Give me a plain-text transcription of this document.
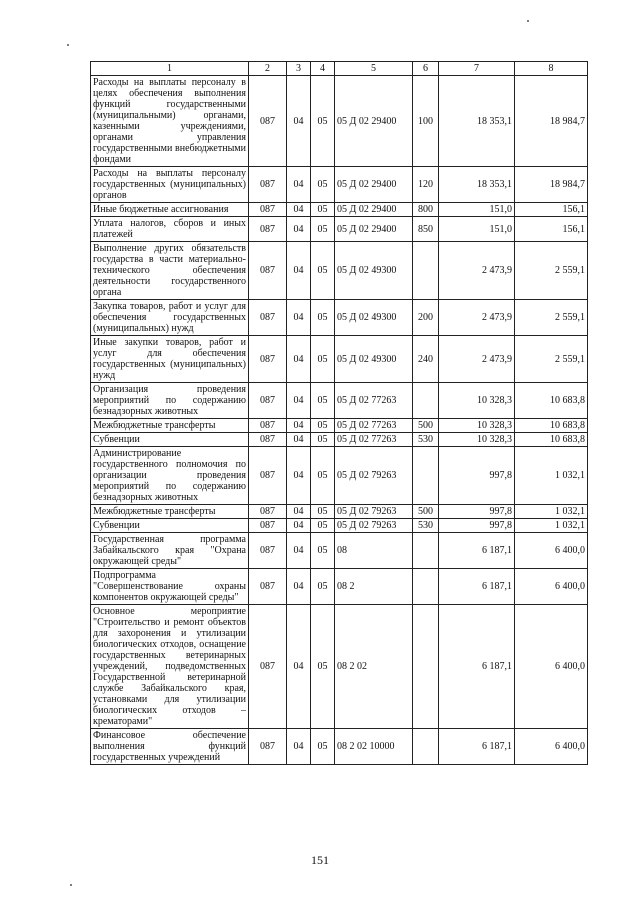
1	2	3	4	5	6	7	8
Расходы на выплаты персоналу в целях обеспечения выполнения функций государственными (муниципальными) органами, казенными учреждениями, органами управления государственными внебюджетными фондами	087	04	05	05 Д 02 29400	100	18 353,1	18 984,7
Расходы на выплаты персоналу государственных (муниципальных) органов	087	04	05	05 Д 02 29400	120	18 353,1	18 984,7
Иные бюджетные ассигнования	087	04	05	05 Д 02 29400	800	151,0	156,1
Уплата налогов, сборов и иных платежей	087	04	05	05 Д 02 29400	850	151,0	156,1
Выполнение других обязательств государства в части материально-технического обеспечения деятельности государственного органа	087	04	05	05 Д 02 49300		2 473,9	2 559,1
Закупка товаров, работ и услуг для обеспечения государственных (муниципальных) нужд	087	04	05	05 Д 02 49300	200	2 473,9	2 559,1
Иные закупки товаров, работ и услуг для обеспечения государственных (муниципальных) нужд	087	04	05	05 Д 02 49300	240	2 473,9	2 559,1
Организация проведения мероприятий по содержанию безнадзорных животных	087	04	05	05 Д 02 77263		10 328,3	10 683,8
Межбюджетные трансферты	087	04	05	05 Д 02 77263	500	10 328,3	10 683,8
Субвенции	087	04	05	05 Д 02 77263	530	10 328,3	10 683,8
Администрирование государственного полномочия по организации проведения мероприятий по содержанию безнадзорных животных	087	04	05	05 Д 02 79263		997,8	1 032,1
Межбюджетные трансферты	087	04	05	05 Д 02 79263	500	997,8	1 032,1
Субвенции	087	04	05	05 Д 02 79263	530	997,8	1 032,1
Государственная программа Забайкальского края "Охрана окружающей среды"	087	04	05	08		6 187,1	6 400,0
Подпрограмма "Совершенствование охраны компонентов окружающей среды"	087	04	05	08 2		6 187,1	6 400,0
Основное мероприятие "Строительство и ремонт объектов для захоронения и утилизации биологических отходов, оснащение государственных ветеринарных учреждений, подведомственных Государственной ветеринарной службе Забайкальского края, установками для утилизации биологических отходов – крематорами"	087	04	05	08 2 02		6 187,1	6 400,0
Финансовое обеспечение выполнения функций государственных учреждений	087	04	05	08 2 02 10000		6 187,1	6 400,0
151
